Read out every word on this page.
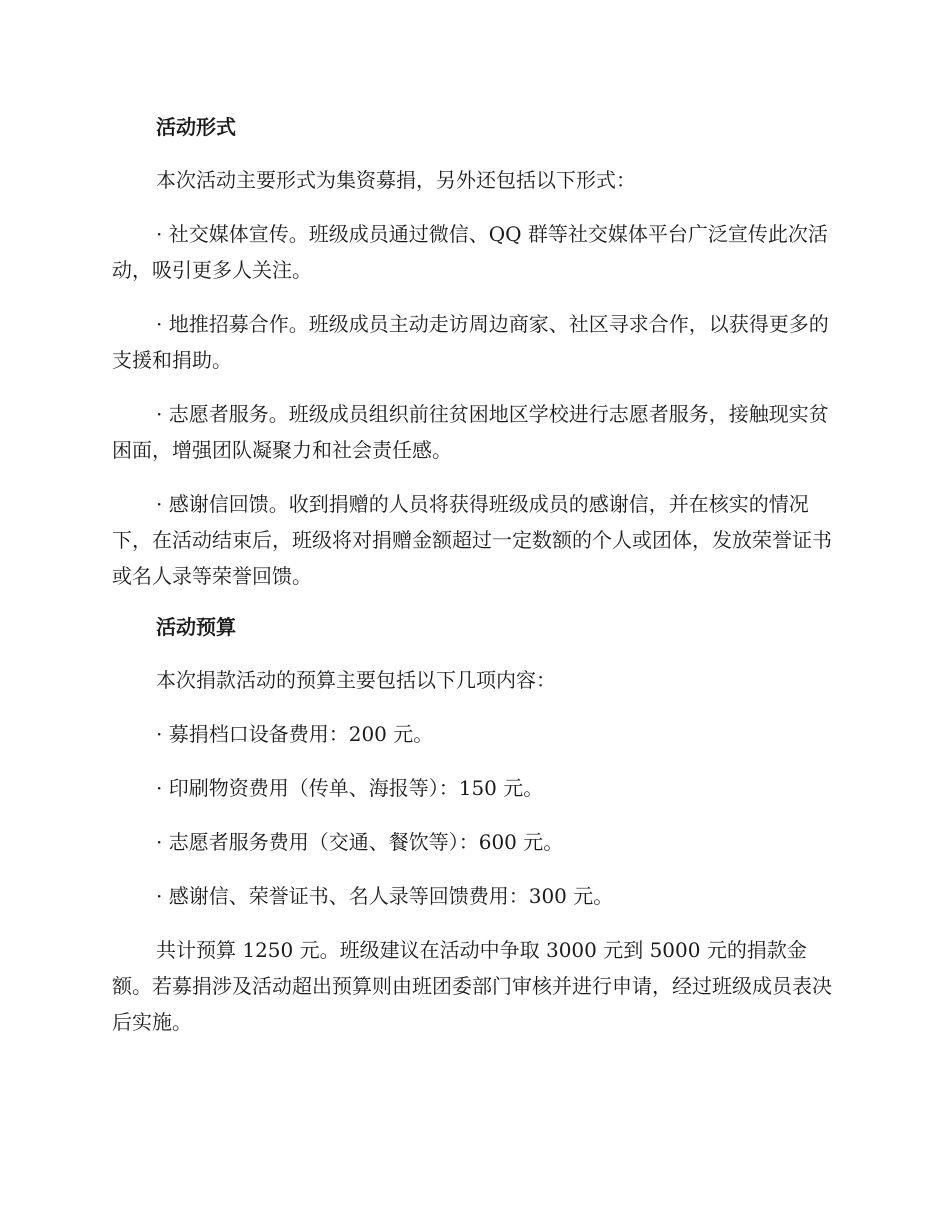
活动形式

本次活动主要形式为集资募捐，另外还包括以下形式：

· 社交媒体宣传。班级成员通过微信、QQ 群等社交媒体平台广泛宣传此次活动，吸引更多人关注。

· 地推招募合作。班级成员主动走访周边商家、社区寻求合作，以获得更多的支援和捐助。

· 志愿者服务。班级成员组织前往贫困地区学校进行志愿者服务，接触现实贫困面，增强团队凝聚力和社会责任感。

· 感谢信回馈。收到捐赠的人员将获得班级成员的感谢信，并在核实的情况下，在活动结束后，班级将对捐赠金额超过一定数额的个人或团体，发放荣誉证书或名人录等荣誉回馈。

活动预算

本次捐款活动的预算主要包括以下几项内容：

· 募捐档口设备费用：200 元。

· 印刷物资费用（传单、海报等）：150 元。

· 志愿者服务费用（交通、餐饮等）：600 元。

· 感谢信、荣誉证书、名人录等回馈费用：300 元。

共计预算 1250 元。班级建议在活动中争取 3000 元到 5000 元的捐款金额。若募捐涉及活动超出预算则由班团委部门审核并进行申请，经过班级成员表决后实施。
